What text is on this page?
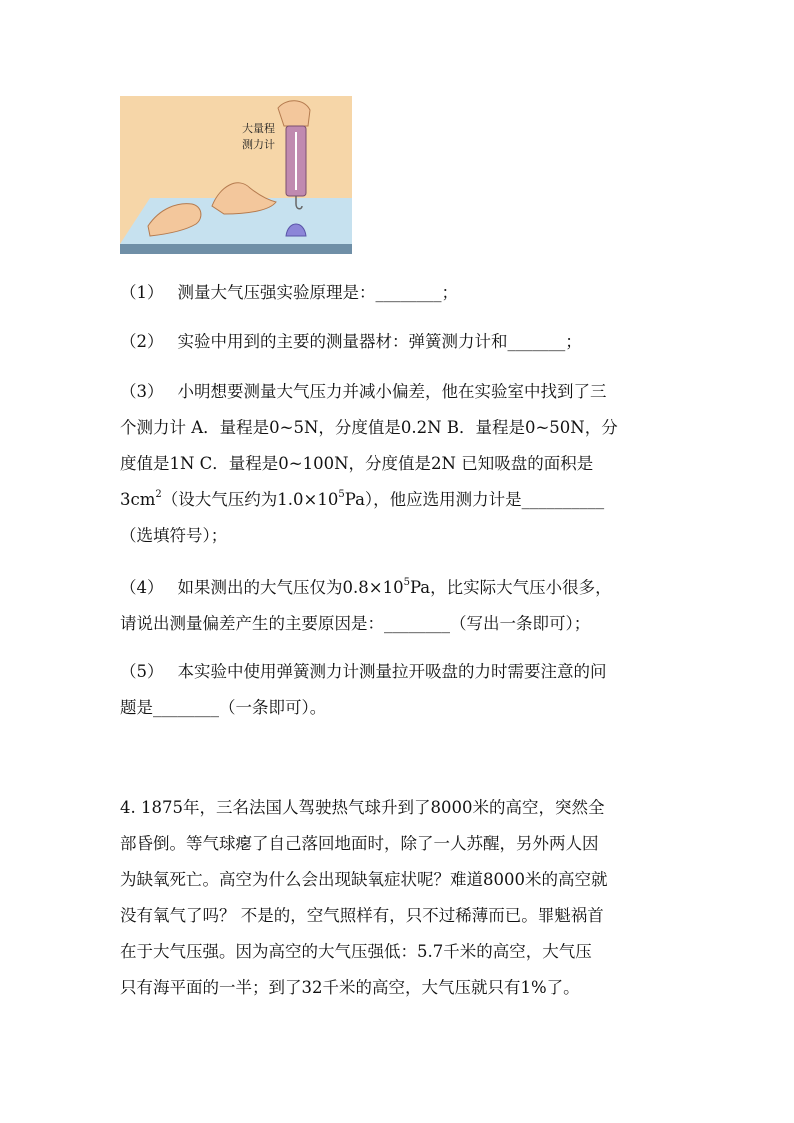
大量程
测力计
（1） 测量大气压强实验原理是：________；
（2） 实验中用到的主要的测量器材：弹簧测力计和_______；
（3） 小明想要测量大气压力并减小偏差，他在实验室中找到了三
个测力计 A．量程是0~5N，分度值是0.2N B．量程是0~50N，分
度值是1N C．量程是0~100N，分度值是2N 已知吸盘的面积是
$3cm^2$（设大气压约为$1.0\times 10^5Pa$），他应选用测力计是__________
（选填符号）；
（4） 如果测出的大气压仅为$0.8\times 10^5Pa$，比实际大气压小很多，
请说出测量偏差产生的主要原因是：________（写出一条即可）；
（5） 本实验中使用弹簧测力计测量拉开吸盘的力时需要注意的问
题是________（一条即可）。
4. 1875年，三名法国人驾驶热气球升到了8000米的高空，突然全
部昏倒。等气球瘪了自己落回地面时，除了一人苏醒，另外两人因
为缺氧死亡。高空为什么会出现缺氧症状呢？难道8000米的高空就
没有氧气了吗？ 不是的，空气照样有，只不过稀薄而已。罪魁祸首
在于大气压强。因为高空的大气压强低：5.7千米的高空，大气压
只有海平面的一半；到了32千米的高空，大气压就只有1%了。
